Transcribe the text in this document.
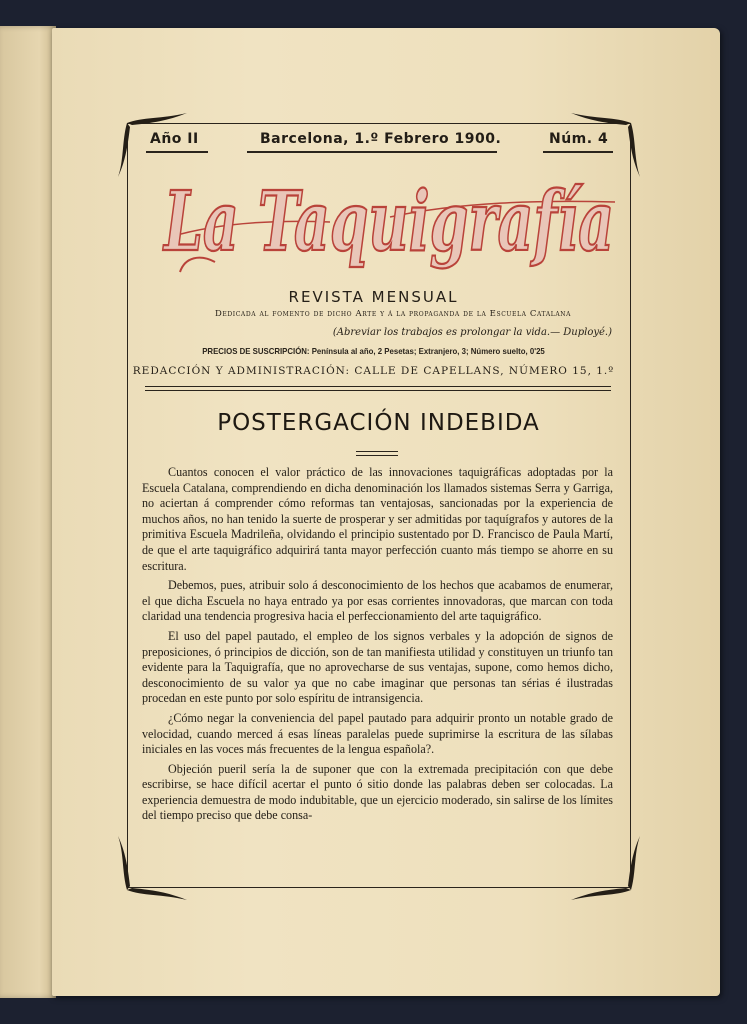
Año II	Barcelona, 1.º Febrero 1900.	Núm. 4
La Taquigrafía
REVISTA MENSUAL
Dedicada al fomento de dicho Arte y á la propaganda de la Escuela Catalana
(Abreviar los trabajos es prolongar la vida.— Duployé.)
PRECIOS DE SUSCRIPCIÓN: Península al año, 2 Pesetas; Extranjero, 3; Número suelto, 0'25
REDACCIÓN Y ADMINISTRACIÓN: CALLE DE CAPELLANS, NÚMERO 15, 1.º
POSTERGACIÓN INDEBIDA

Cuantos conocen el valor práctico de las innovaciones taquigráficas adoptadas por la Escuela Catalana, comprendiendo en dicha denominación los llamados sistemas Serra y Garriga, no aciertan á comprender cómo reformas tan ventajosas, sancionadas por la experiencia de muchos años, no han tenido la suerte de prosperar y ser admitidas por taquígrafos y autores de la primitiva Escuela Madrileña, olvidando el principio sustentado por D. Francisco de Paula Martí, de que el arte taquigráfico adquirirá tanta mayor perfección cuanto más tiempo se ahorre en su escritura.

Debemos, pues, atribuir solo á desconocimiento de los hechos que acabamos de enumerar, el que dicha Escuela no haya entrado ya por esas corrientes innovadoras, que marcan con toda claridad una tendencia progresiva hacia el perfeccionamiento del arte taquigráfico.

El uso del papel pautado, el empleo de los signos verbales y la adopción de signos de preposiciones, ó principios de dicción, son de tan manifiesta utilidad y constituyen un triunfo tan evidente para la Taquigrafía, que no aprovecharse de sus ventajas, supone, como hemos dicho, desconocimiento de su valor ya que no cabe imaginar que personas tan sérias é ilustradas procedan en este punto por solo espíritu de intransigencia.

¿Cómo negar la conveniencia del papel pautado para adquirir pronto un notable grado de velocidad, cuando merced á esas líneas paralelas puede suprimirse la escritura de las sílabas iniciales en las voces más frecuentes de la lengua española?.

Objeción pueril sería la de suponer que con la extremada precipitación con que debe escribirse, se hace difícil acertar el punto ó sitio donde las palabras deben ser colocadas. La experiencia demuestra de modo indubitable, que un ejercicio moderado, sin salirse de los límites del tiempo preciso que debe consa-
